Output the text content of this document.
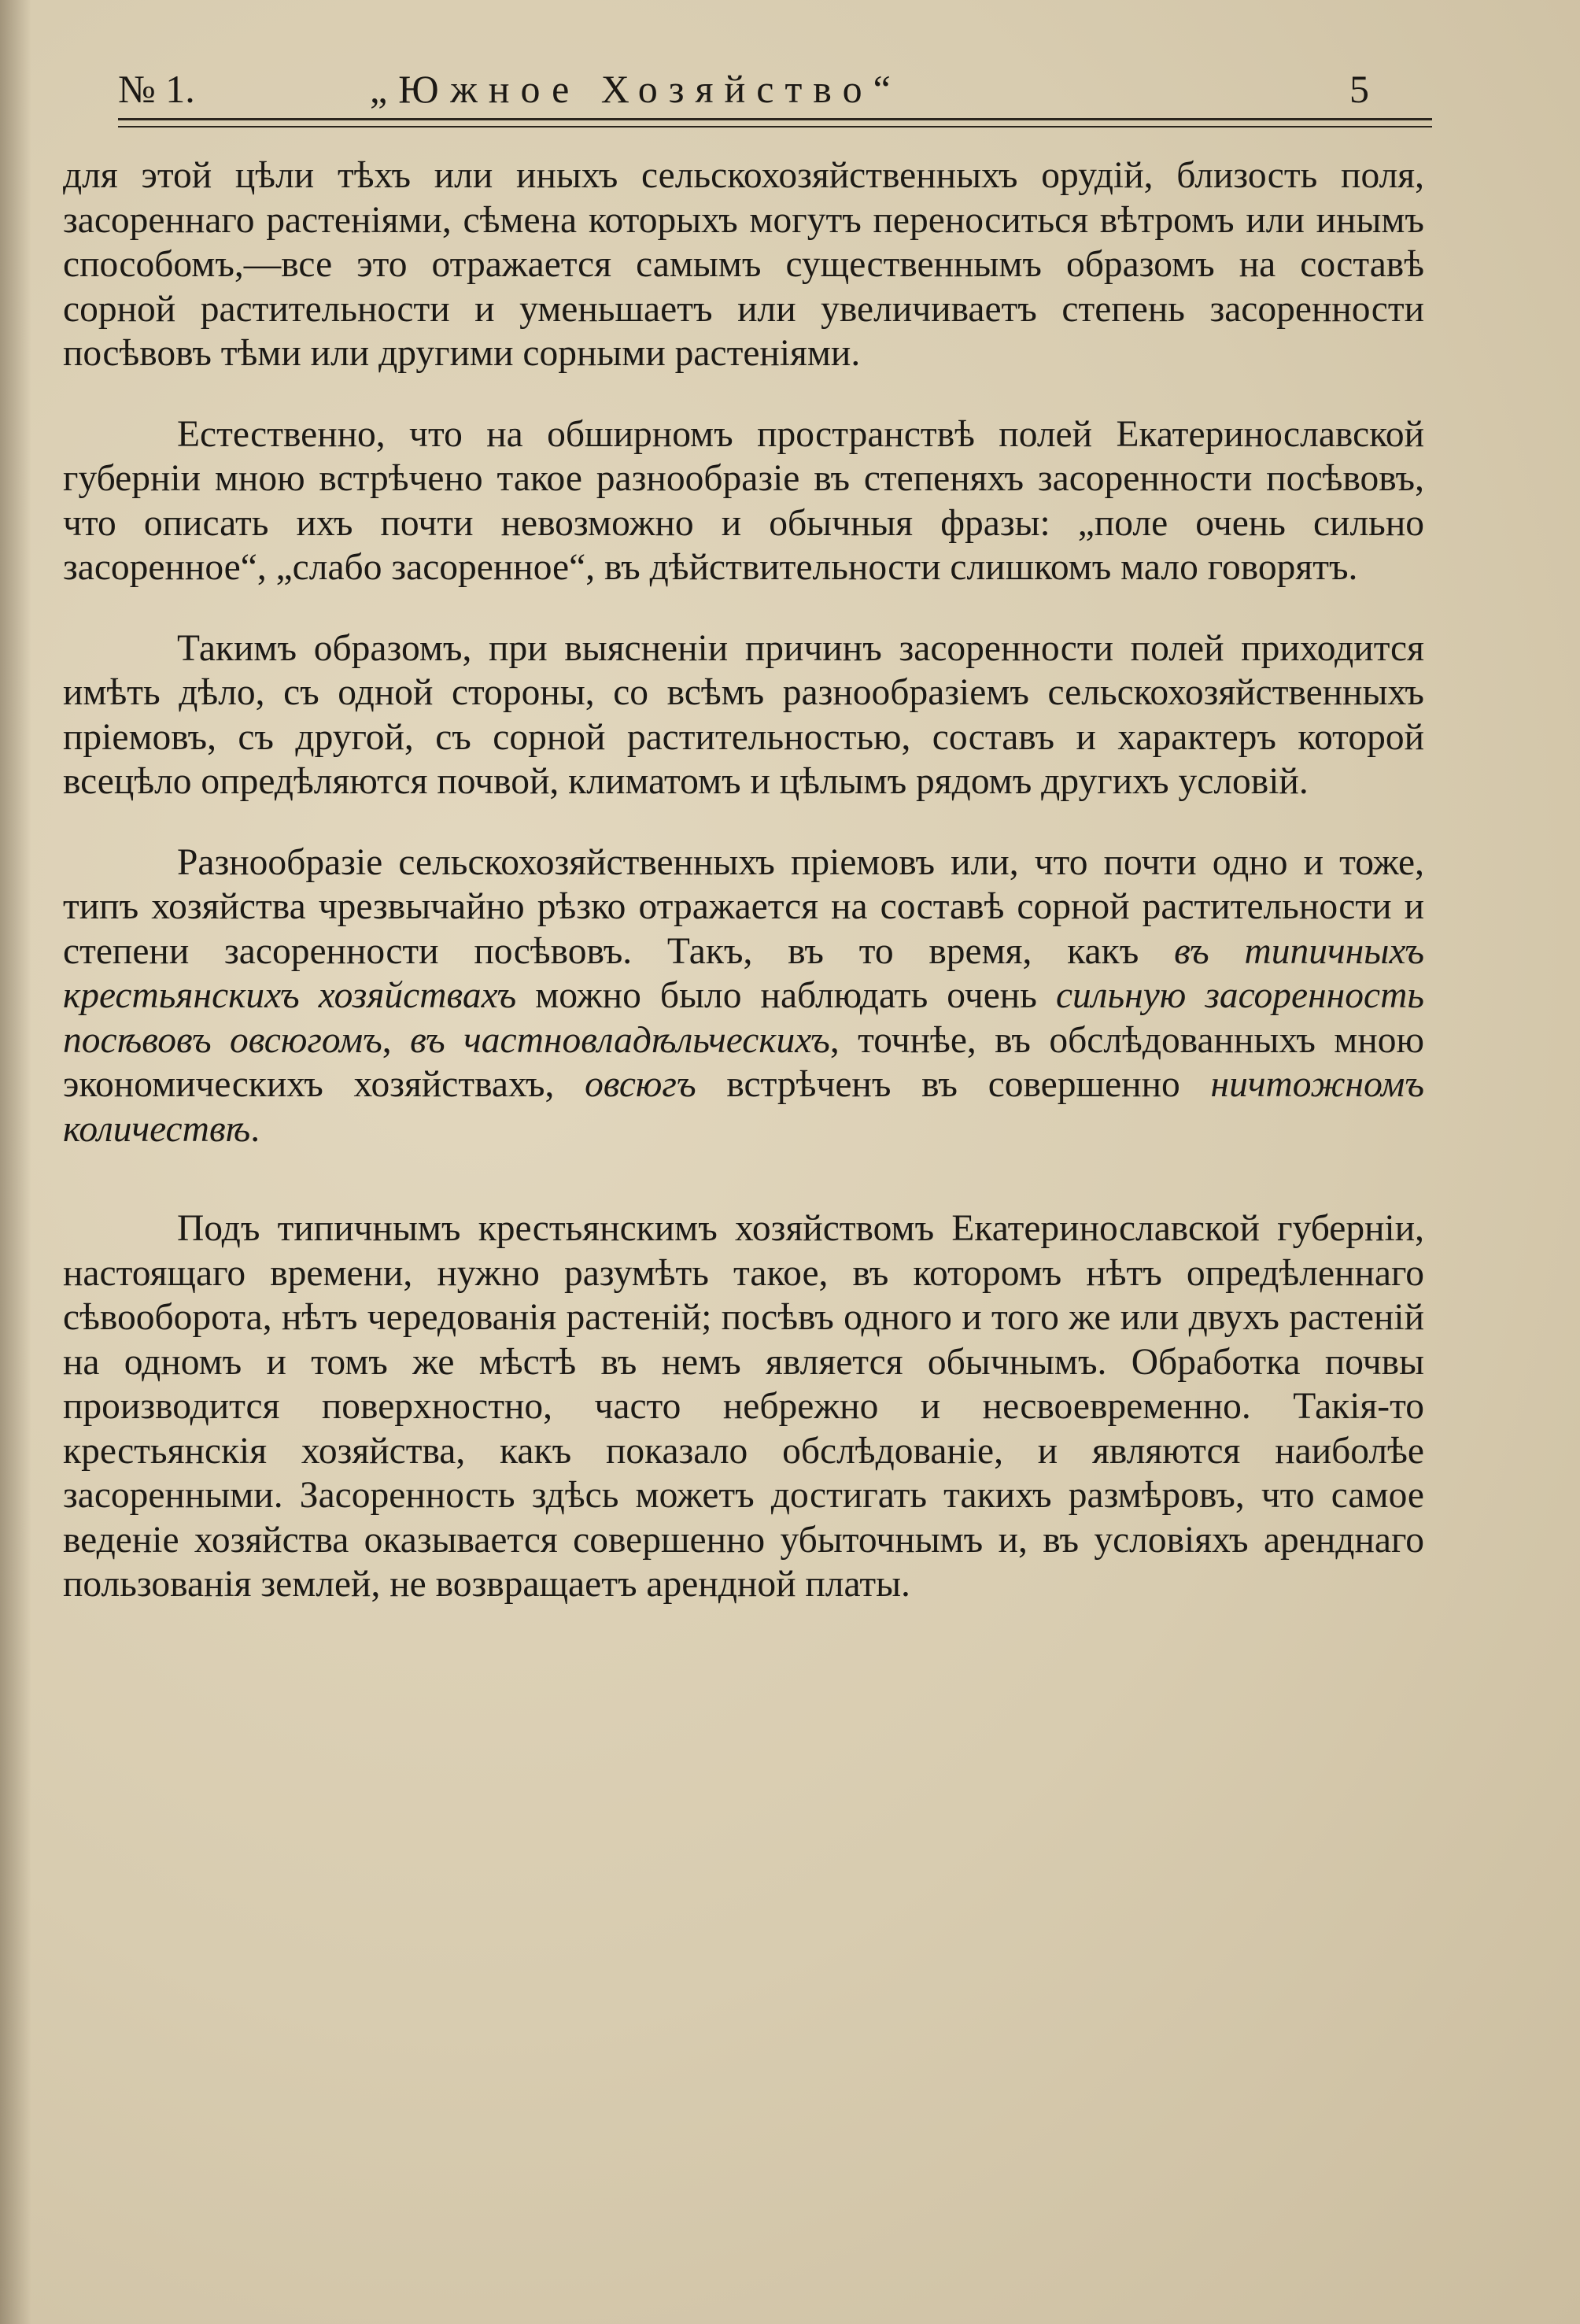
№ 1.	„Южное Хозяйство“	5

для этой цѣли тѣхъ или иныхъ сельскохозяйственныхъ орудій, близость поля, засореннаго растеніями, сѣмена которыхъ могутъ переноситься вѣтромъ или инымъ способомъ,—все это отражается самымъ существеннымъ образомъ на составѣ сорной растительности и уменьшаетъ или увеличиваетъ степень засоренности посѣвовъ тѣми или другими сорными растеніями.

Естественно, что на обширномъ пространствѣ полей Екатеринославской губерніи мною встрѣчено такое разнообразіе въ степеняхъ засоренности посѣвовъ, что описать ихъ почти невозможно и обычныя фразы: „поле очень сильно засоренное“, „слабо засоренное“, въ дѣйствительности слишкомъ мало говорятъ.

Такимъ образомъ, при выясненіи причинъ засоренности полей приходится имѣть дѣло, съ одной стороны, со всѣмъ разнообразіемъ сельскохозяйственныхъ пріемовъ, съ другой, съ сорной растительностью, составъ и характеръ которой всецѣло опредѣляются почвой, климатомъ и цѣлымъ рядомъ другихъ условій.

Разнообразіе сельскохозяйственныхъ пріемовъ или, что почти одно и тоже, типъ хозяйства чрезвычайно рѣзко отражается на составѣ сорной растительности и степени засоренности посѣвовъ. Такъ, въ то время, какъ въ типичныхъ крестьянскихъ хозяйствахъ можно было наблюдать очень сильную засоренность посѣвовъ овсюгомъ, въ частновладѣльческихъ, точнѣе, въ обслѣдованныхъ мною экономическихъ хозяйствахъ, овсюгъ встрѣченъ въ совершенно ничтожномъ количествѣ.

Подъ типичнымъ крестьянскимъ хозяйствомъ Екатеринославской губерніи, настоящаго времени, нужно разумѣть такое, въ которомъ нѣтъ опредѣленнаго сѣвооборота, нѣтъ чередованія растеній; посѣвъ одного и того же или двухъ растеній на одномъ и томъ же мѣстѣ въ немъ является обычнымъ. Обработка почвы производится поверхностно, часто небрежно и несвоевременно. Такія-то крестьянскія хозяйства, какъ показало обслѣдованіе, и являются наиболѣе засоренными. Засоренность здѣсь можетъ достигать такихъ размѣровъ, что самое веденіе хозяйства оказывается совершенно убыточнымъ и, въ условіяхъ аренднаго пользованія землей, не возвращаетъ арендной платы.
